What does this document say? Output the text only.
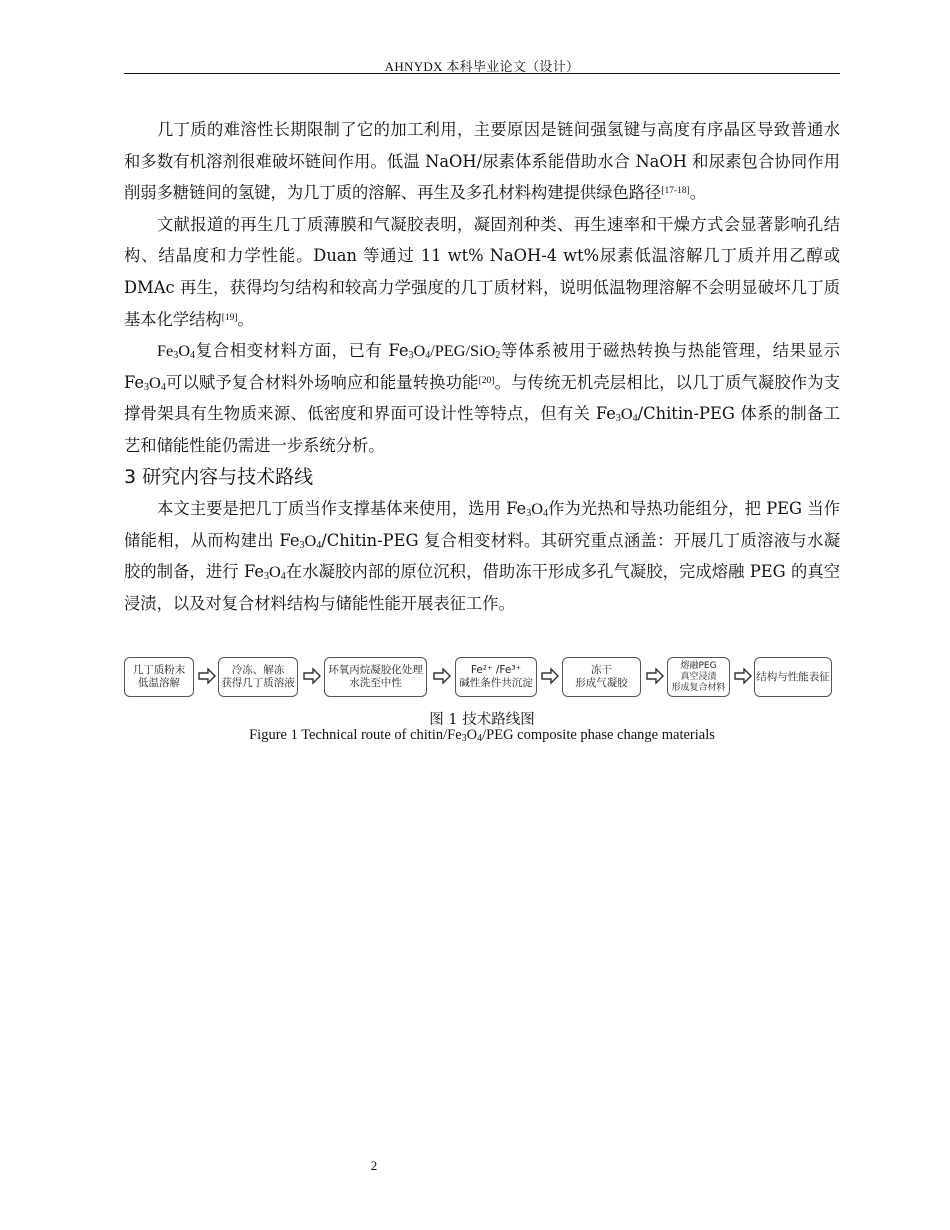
AHNYDX 本科毕业论文（设计）

几丁质的难溶性长期限制了它的加工利用，主要原因是链间强氢键与高度有序晶区导致普通水和多数有机溶剂很难破坏链间作用。低温 NaOH/尿素体系能借助水合 NaOH 和尿素包合协同作用削弱多糖链间的氢键，为几丁质的溶解、再生及多孔材料构建提供绿色路径[17-18]。

文献报道的再生几丁质薄膜和气凝胶表明，凝固剂种类、再生速率和干燥方式会显著影响孔结构、结晶度和力学性能。Duan 等通过 11 wt% NaOH-4 wt%尿素低温溶解几丁质并用乙醇或 DMAc 再生，获得均匀结构和较高力学强度的几丁质材料，说明低温物理溶解不会明显破坏几丁质基本化学结构[19]。

$Fe_3O_4$复合相变材料方面，已有 $Fe_3O_4/PEG/SiO_2$等体系被用于磁热转换与热能管理，结果显示 $Fe_3O_4$可以赋予复合材料外场响应和能量转换功能[20]。与传统无机壳层相比，以几丁质气凝胶作为支撑骨架具有生物质来源、低密度和界面可设计性等特点，但有关 $Fe_3O_4/Chitin$-PEG 体系的制备工艺和储能性能仍需进一步系统分析。

3 研究内容与技术路线

本文主要是把几丁质当作支撑基体来使用，选用 $Fe_3O_4$作为光热和导热功能组分，把 PEG 当作储能相，从而构建出 $Fe_3O_4/Chitin$-PEG 复合相变材料。其研究重点涵盖：开展几丁质溶液与水凝胶的制备，进行 $Fe_3O_4$在水凝胶内部的原位沉积，借助冻干形成多孔气凝胶，完成熔融 PEG 的真空浸渍，以及对复合材料结构与储能性能开展表征工作。

几丁质粉末
低温溶解
冷冻、解冻
获得几丁质溶液
环氧丙烷凝胶化处理
水洗至中性
Fe²⁺ /Fe³⁺
碱性条件共沉淀
冻干
形成气凝胶
熔融PEG
真空浸渍
形成复合材料
结构与性能表征
图 1 技术路线图
Figure 1 Technical route of chitin/$Fe_3O_4$/PEG composite phase change materials
2
